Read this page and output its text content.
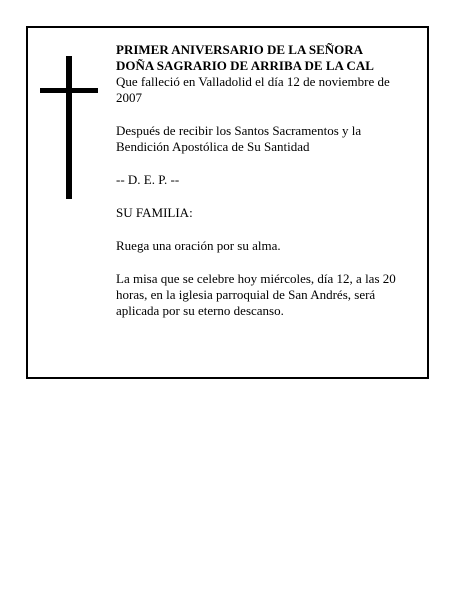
PRIMER ANIVERSARIO DE LA SEÑORA
DOÑA SAGRARIO DE ARRIBA DE LA CAL

Que falleció en Valladolid el día 12 de noviembre de 2007

Después de recibir los Santos Sacramentos y la Bendición Apostólica de Su Santidad

-- D. E. P. --

SU FAMILIA:

Ruega una oración por su alma.

La misa que se celebre hoy miércoles, día 12, a las 20 horas, en la iglesia parroquial de San Andrés, será aplicada por su eterno descanso.
